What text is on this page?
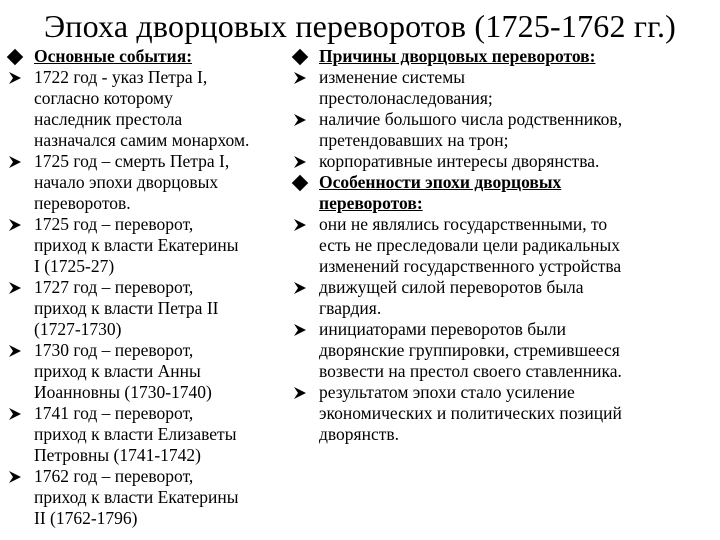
Эпоха дворцовых переворотов (1725-1762 гг.)
Основные события:
1722 год - указ Петра I,
согласно которому
наследник престола
назначался самим монархом.
1725 год – смерть Петра I,
начало эпохи дворцовых
переворотов.
1725 год – переворот,
приход к власти Екатерины
I (1725-27)
1727 год – переворот,
приход к власти Петра II
(1727-1730)
1730 год – переворот,
приход к власти Анны
Иоанновны (1730-1740)
1741 год – переворот,
приход к власти Елизаветы
Петровны (1741-1742)
1762 год – переворот,
приход к власти Екатерины
II (1762-1796)
Причины дворцовых переворотов:
изменение системы
престолонаследования;
наличие большого числа родственников,
претендовавших на трон;
корпоративные интересы дворянства.
Особенности эпохи дворцовых
переворотов:
они не являлись государственными, то
есть не преследовали цели радикальных
изменений государственного устройства
движущей силой переворотов была
гвардия.
инициаторами переворотов были
дворянские группировки, стремившееся
возвести на престол своего ставленника.
результатом эпохи стало усиление
экономических и политических позиций
дворянств.
